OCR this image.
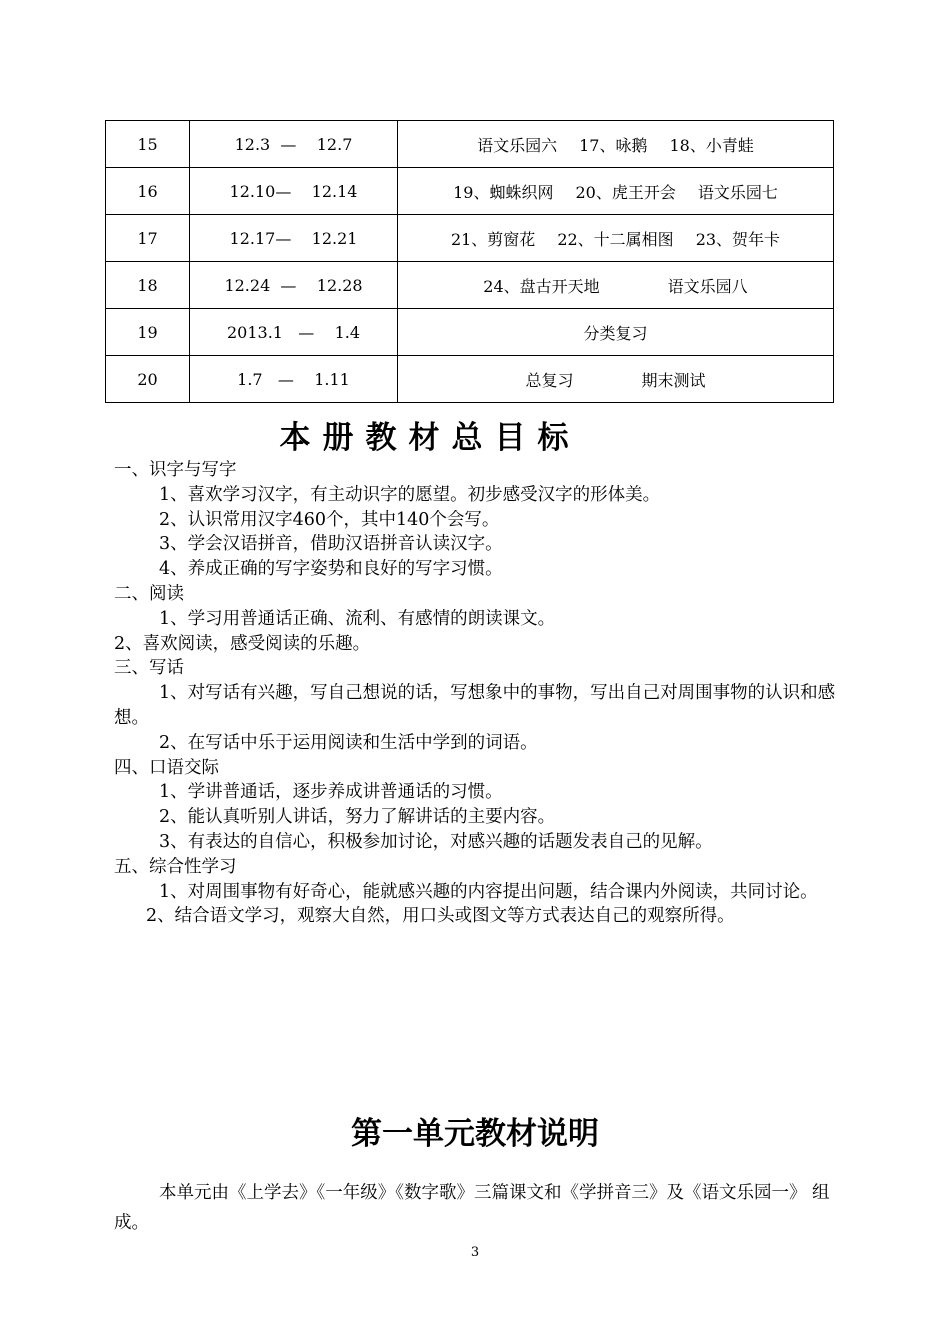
15	12.3  —    12.7	语文乐园六 17、咏鹅 18、小青蛙
16	12.10—    12.14	19、蜘蛛织网 20、虎王开会 语文乐园七
17	12.17—    12.21	21、剪窗花 22、十二属相图 23、贺年卡
18	12.24  —    12.28	24、盘古开天地 语文乐园八
19	2013.1   —    1.4	分类复习
20	1.7   —    1.11	总复习 期末测试
本册教材总目标
一、识字与写字
1、喜欢学习汉字，有主动识字的愿望。初步感受汉字的形体美。
2、认识常用汉字460个，其中140个会写。
3、学会汉语拼音，借助汉语拼音认读汉字。
4、养成正确的写字姿势和良好的写字习惯。
二、阅读
1、学习用普通话正确、流利、有感情的朗读课文。
2、喜欢阅读，感受阅读的乐趣。
三、写话
1、对写话有兴趣，写自己想说的话，写想象中的事物，写出自己对周围事物的认识和感想。
2、在写话中乐于运用阅读和生活中学到的词语。
四、口语交际
1、学讲普通话，逐步养成讲普通话的习惯。
2、能认真听别人讲话，努力了解讲话的主要内容。
3、有表达的自信心，积极参加讨论，对感兴趣的话题发表自己的见解。
五、综合性学习
1、对周围事物有好奇心，能就感兴趣的内容提出问题，结合课内外阅读，共同讨论。
2、结合语文学习，观察大自然，用口头或图文等方式表达自己的观察所得。
第一单元教材说明
本单元由《上学去》《一年级》《数字歌》三篇课文和《学拼音三》及《语文乐园一》 组成。
3
